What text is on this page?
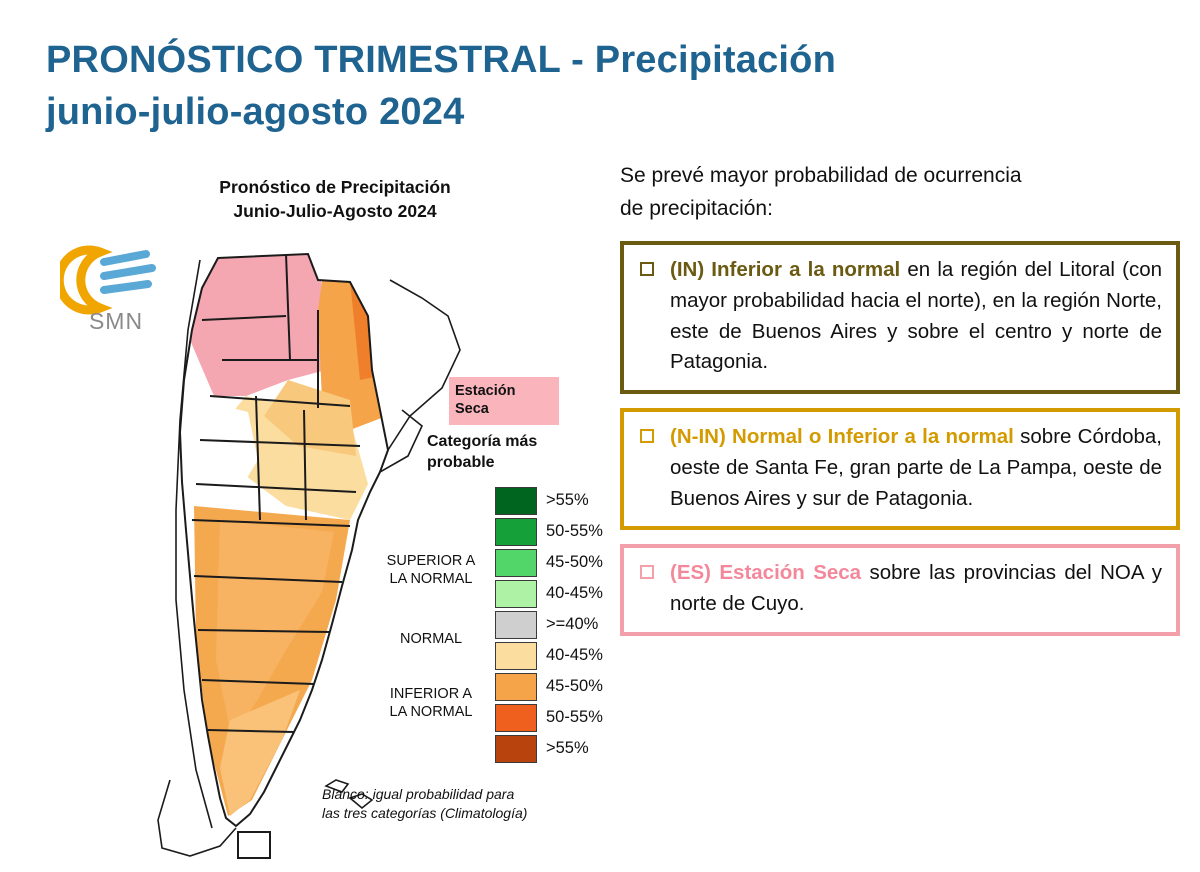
PRONÓSTICO TRIMESTRAL - Precipitación
junio-julio-agosto 2024
Pronóstico de Precipitación
Junio-Julio-Agosto 2024
SMN
Estación
Seca
Categoría más
probable
SUPERIOR A
LA NORMAL
NORMAL
INFERIOR A
LA NORMAL
>55%
50-55%
45-50%
40-45%
>=40%
40-45%
45-50%
50-55%
>55%
Blanco: igual probabilidad para
las tres categorías (Climatología)

Se prevé mayor probabilidad de ocurrencia
de precipitación:

(IN) Inferior a la normal en la región del Litoral (con mayor probabilidad hacia el norte), en la región Norte, este de Buenos Aires y sobre el centro y norte de Patagonia.
(N-IN) Normal o Inferior a la normal sobre Córdoba, oeste de Santa Fe, gran parte de La Pampa, oeste de Buenos Aires y sur de Patagonia.
(ES) Estación Seca sobre las provincias del NOA y norte de Cuyo.
